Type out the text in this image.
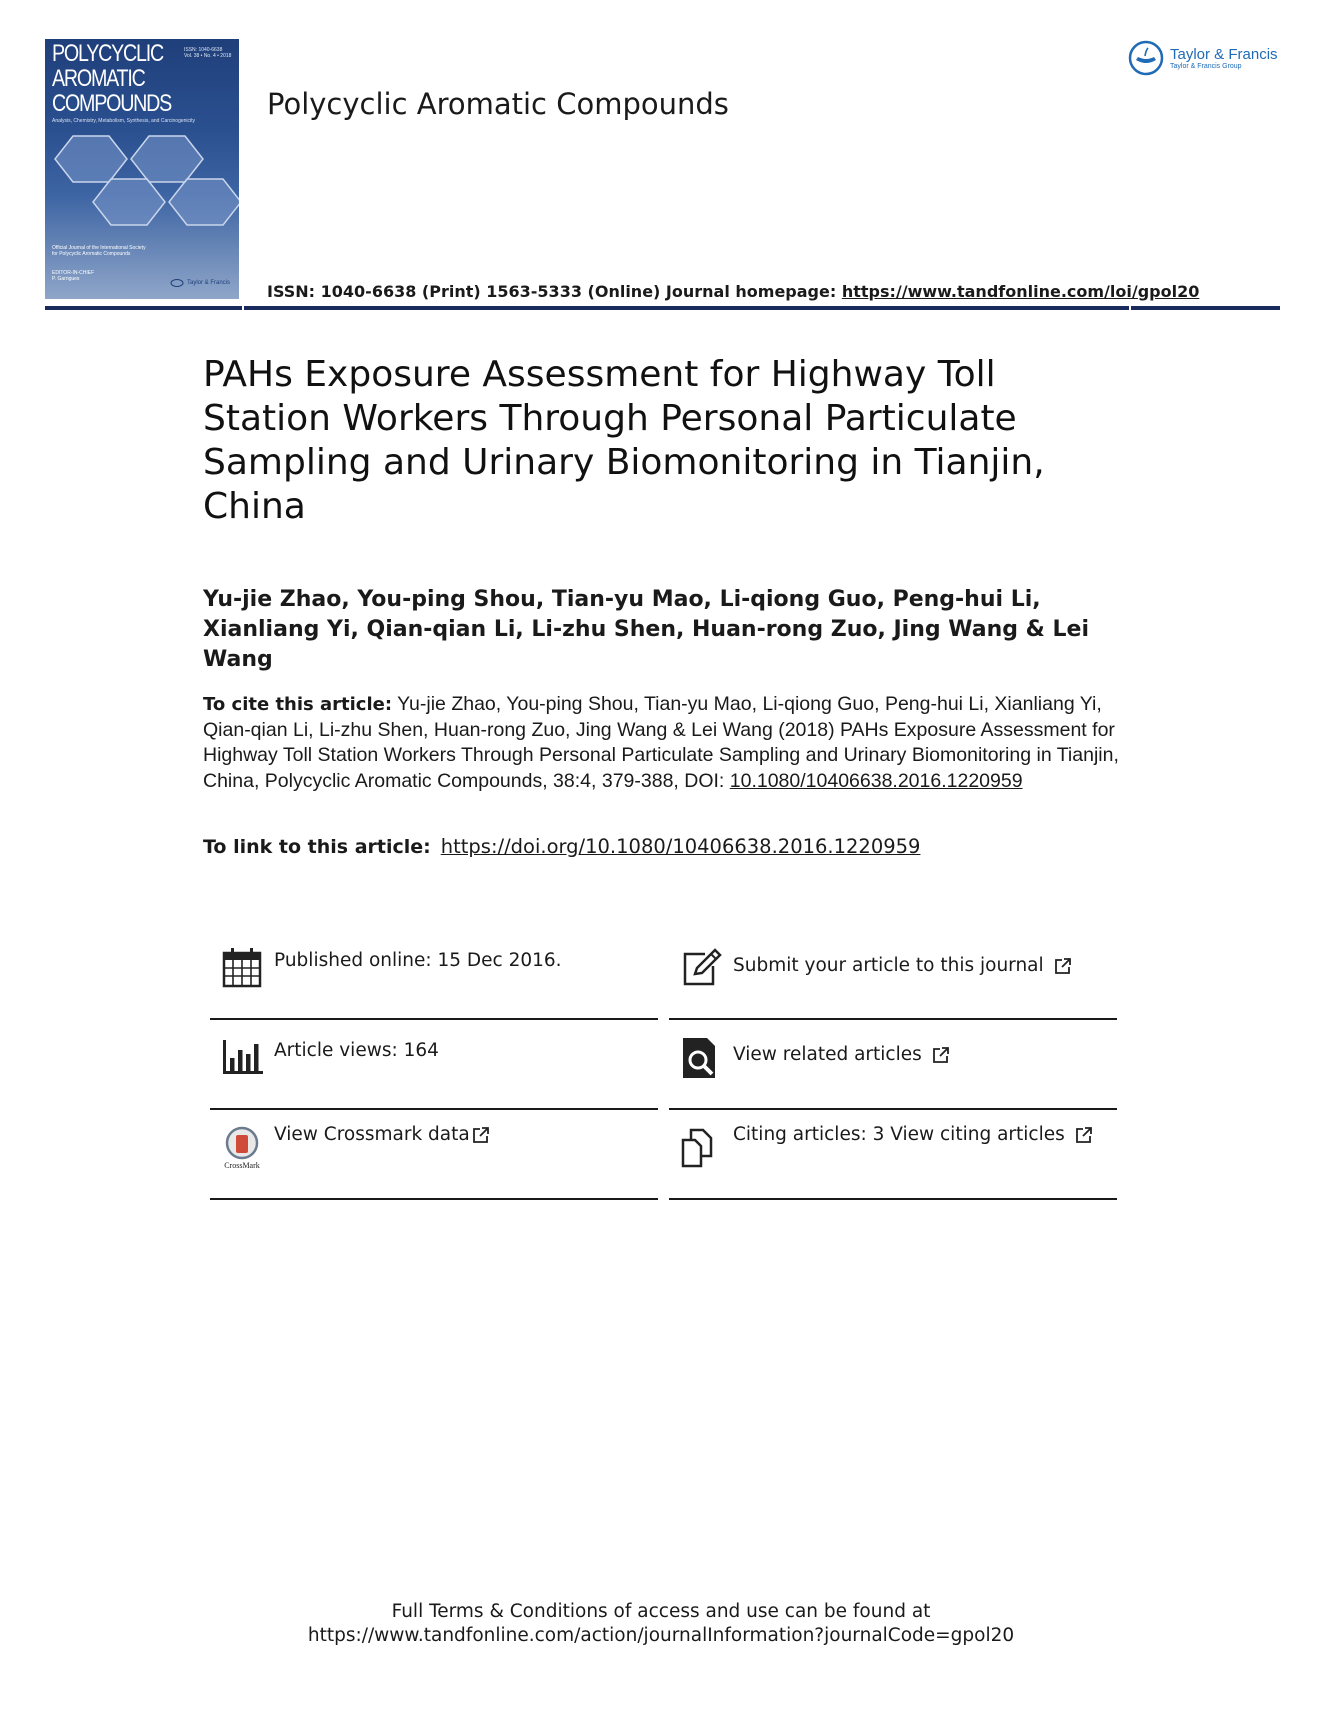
POLYCYCLIC
AROMATIC
COMPOUNDS
ISSN: 1040-6638
Vol. 38 • No. 4 • 2018
Analysis, Chemistry, Metabolism, Synthesis, and Carcinogenicity
Official Journal of the International Society for Polycyclic Aromatic Compounds
EDITOR-IN-CHIEF
P. Garrigues
Taylor & Francis
Polycyclic Aromatic Compounds
Taylor & Francis
Taylor & Francis Group
ISSN: 1040-6638 (Print) 1563-5333 (Online) Journal homepage: https://www.tandfonline.com/loi/gpol20
PAHs Exposure Assessment for Highway Toll Station Workers Through Personal Particulate Sampling and Urinary Biomonitoring in Tianjin, China
Yu-jie Zhao, You-ping Shou, Tian-yu Mao, Li-qiong Guo, Peng-hui Li, Xianliang Yi, Qian-qian Li, Li-zhu Shen, Huan-rong Zuo, Jing Wang & Lei Wang
To cite this article: Yu-jie Zhao, You-ping Shou, Tian-yu Mao, Li-qiong Guo, Peng-hui Li, Xianliang Yi, Qian-qian Li, Li-zhu Shen, Huan-rong Zuo, Jing Wang & Lei Wang (2018) PAHs Exposure Assessment for Highway Toll Station Workers Through Personal Particulate Sampling and Urinary Biomonitoring in Tianjin, China, Polycyclic Aromatic Compounds, 38:4, 379-388, DOI: 10.1080/10406638.2016.1220959
To link to this article: https://doi.org/10.1080/10406638.2016.1220959
Published online: 15 Dec 2016.	Submit your article to this journal
Article views: 164	View related articles
CrossMark
View Crossmark data	Citing articles: 3 View citing articles
Full Terms & Conditions of access and use can be found at
https://www.tandfonline.com/action/journalInformation?journalCode=gpol20
